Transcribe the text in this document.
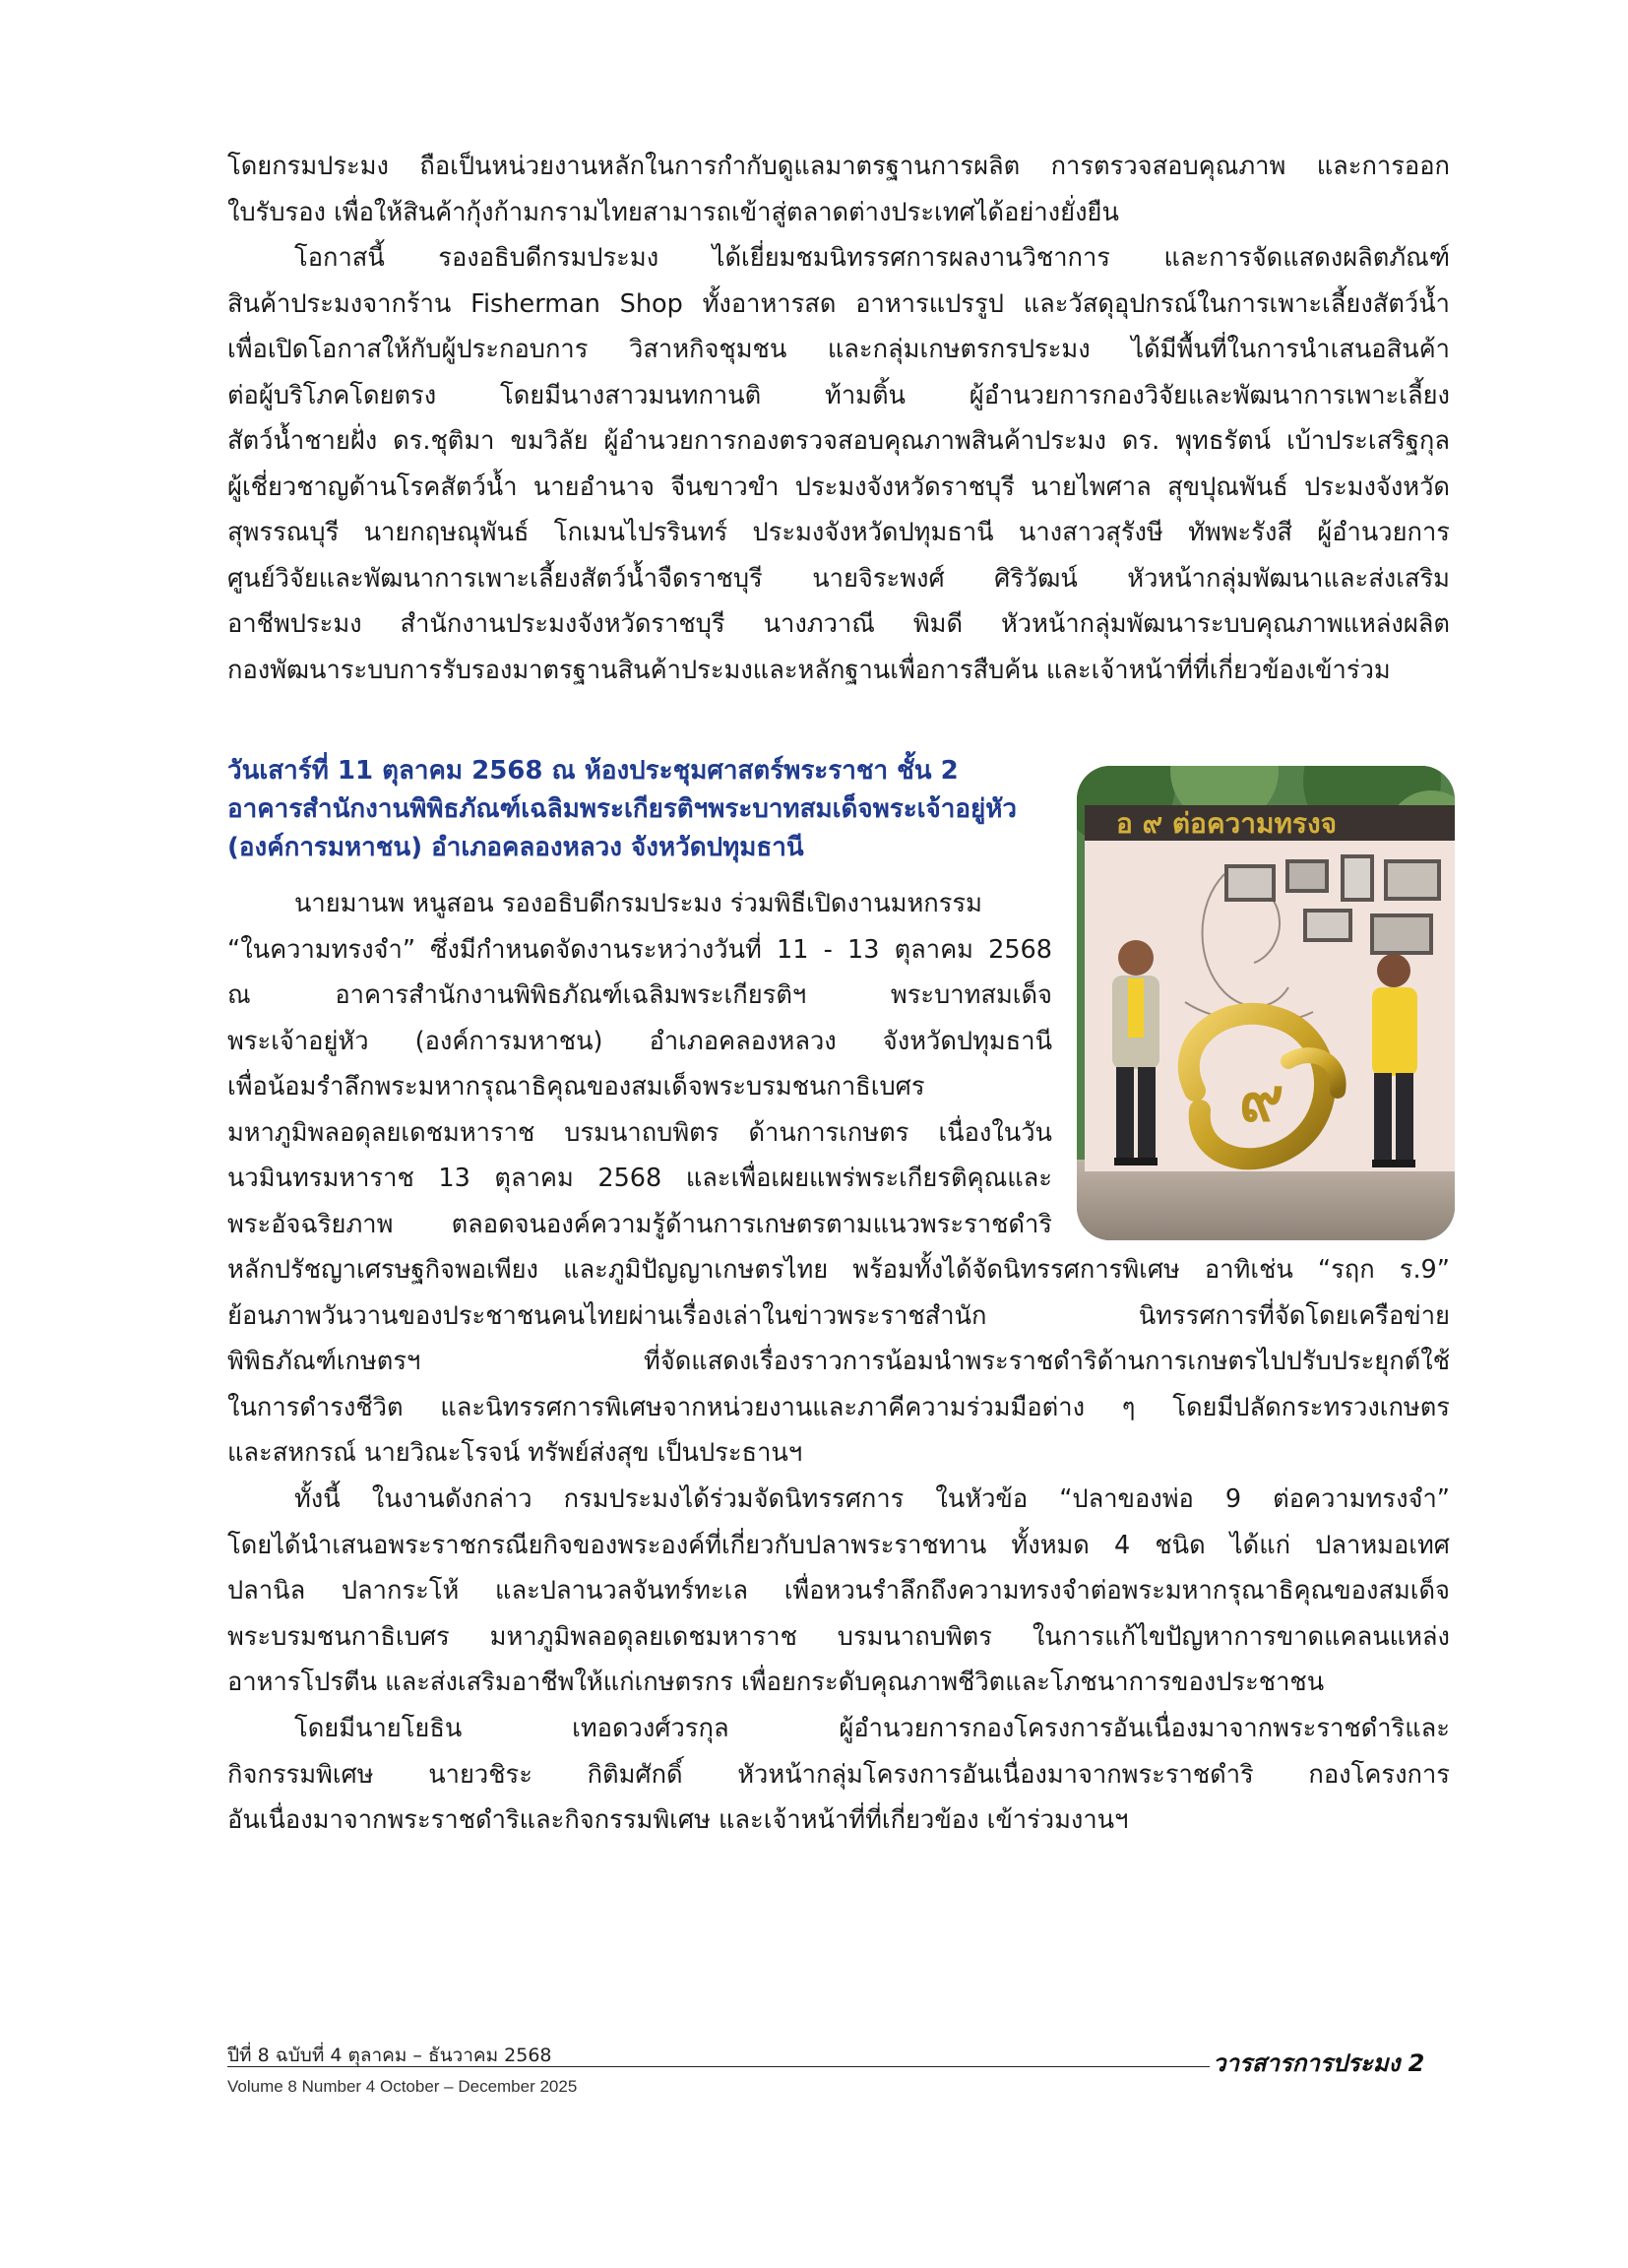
โดยกรมประมง ถือเป็นหน่วยงานหลักในการกำกับดูแลมาตรฐานการผลิต การตรวจสอบคุณภาพ และการออก
ใบรับรอง เพื่อให้สินค้ากุ้งก้ามกรามไทยสามารถเข้าสู่ตลาดต่างประเทศได้อย่างยั่งยืน
โอกาสนี้ รองอธิบดีกรมประมง ได้เยี่ยมชมนิทรรศการผลงานวิชาการ และการจัดแสดงผลิตภัณฑ์
สินค้าประมงจากร้าน Fisherman Shop ทั้งอาหารสด อาหารแปรรูป และวัสดุอุปกรณ์ในการเพาะเลี้ยงสัตว์น้ำ
เพื่อเปิดโอกาสให้กับผู้ประกอบการ วิสาหกิจชุมชน และกลุ่มเกษตรกรประมง ได้มีพื้นที่ในการนำเสนอสินค้า
ต่อผู้บริโภคโดยตรง โดยมีนางสาวมนทกานติ ท้ามติ้น ผู้อำนวยการกองวิจัยและพัฒนาการเพาะเลี้ยง
สัตว์น้ำชายฝั่ง ดร.ชุติมา ขมวิลัย ผู้อำนวยการกองตรวจสอบคุณภาพสินค้าประมง ดร. พุทธรัตน์ เบ้าประเสริฐกุล
ผู้เชี่ยวชาญด้านโรคสัตว์น้ำ นายอำนาจ จีนขาวขำ ประมงจังหวัดราชบุรี นายไพศาล สุขปุณพันธ์ ประมงจังหวัด
สุพรรณบุรี นายกฤษณุพันธ์ โกเมนไปรรินทร์ ประมงจังหวัดปทุมธานี นางสาวสุรังษี ทัพพะรังสี ผู้อำนวยการ
ศูนย์วิจัยและพัฒนาการเพาะเลี้ยงสัตว์น้ำจืดราชบุรี นายจิระพงศ์ ศิริวัฒน์ หัวหน้ากลุ่มพัฒนาและส่งเสริม
อาชีพประมง สำนักงานประมงจังหวัดราชบุรี นางภวาณี พิมดี หัวหน้ากลุ่มพัฒนาระบบคุณภาพแหล่งผลิต
กองพัฒนาระบบการรับรองมาตรฐานสินค้าประมงและหลักฐานเพื่อการสืบค้น และเจ้าหน้าที่ที่เกี่ยวข้องเข้าร่วม
วันเสาร์ที่ 11 ตุลาคม 2568 ณ ห้องประชุมศาสตร์พระราชา ชั้น 2
อาคารสำนักงานพิพิธภัณฑ์เฉลิมพระเกียรติฯพระบาทสมเด็จพระเจ้าอยู่หัว
(องค์การมหาชน) อำเภอคลองหลวง จังหวัดปทุมธานี
อ ๙ ต่อความทรงจ
๙
นายมานพ หนูสอน รองอธิบดีกรมประมง ร่วมพิธีเปิดงานมหกรรม
“ในความทรงจำ” ซึ่งมีกำหนดจัดงานระหว่างวันที่ 11 - 13 ตุลาคม 2568
ณ อาคารสำนักงานพิพิธภัณฑ์เฉลิมพระเกียรติฯ พระบาทสมเด็จ
พระเจ้าอยู่หัว (องค์การมหาชน) อำเภอคลองหลวง จังหวัดปทุมธานี
เพื่อน้อมรำลึกพระมหากรุณาธิคุณของสมเด็จพระบรมชนกาธิเบศร
มหาภูมิพลอดุลยเดชมหาราช บรมนาถบพิตร ด้านการเกษตร เนื่องในวัน
นวมินทรมหาราช 13 ตุลาคม 2568 และเพื่อเผยแพร่พระเกียรติคุณและ
พระอัจฉริยภาพ ตลอดจนองค์ความรู้ด้านการเกษตรตามแนวพระราชดำริ
หลักปรัชญาเศรษฐกิจพอเพียง และภูมิปัญญาเกษตรไทย พร้อมทั้งได้จัดนิทรรศการพิเศษ อาทิเช่น “รฤก ร.9”
ย้อนภาพวันวานของประชาชนคนไทยผ่านเรื่องเล่าในข่าวพระราชสำนัก นิทรรศการที่จัดโดยเครือข่าย
พิพิธภัณฑ์เกษตรฯ ที่จัดแสดงเรื่องราวการน้อมนำพระราชดำริด้านการเกษตรไปปรับประยุกต์ใช้
ในการดำรงชีวิต และนิทรรศการพิเศษจากหน่วยงานและภาคีความร่วมมือต่าง ๆ โดยมีปลัดกระทรวงเกษตร
และสหกรณ์ นายวิณะโรจน์ ทรัพย์ส่งสุข เป็นประธานฯ
ทั้งนี้ ในงานดังกล่าว กรมประมงได้ร่วมจัดนิทรรศการ ในหัวข้อ “ปลาของพ่อ 9 ต่อความทรงจำ”
โดยได้นำเสนอพระราชกรณียกิจของพระองค์ที่เกี่ยวกับปลาพระราชทาน ทั้งหมด 4 ชนิด ได้แก่ ปลาหมอเทศ
ปลานิล ปลากระโห้ และปลานวลจันทร์ทะเล เพื่อหวนรำลึกถึงความทรงจำต่อพระมหากรุณาธิคุณของสมเด็จ
พระบรมชนกาธิเบศร มหาภูมิพลอดุลยเดชมหาราช บรมนาถบพิตร ในการแก้ไขปัญหาการขาดแคลนแหล่ง
อาหารโปรตีน และส่งเสริมอาชีพให้แก่เกษตรกร เพื่อยกระดับคุณภาพชีวิตและโภชนาการของประชาชน
โดยมีนายโยธิน เทอดวงศ์วรกุล ผู้อำนวยการกองโครงการอันเนื่องมาจากพระราชดำริและ
กิจกรรมพิเศษ นายวชิระ กิติมศักดิ์ หัวหน้ากลุ่มโครงการอันเนื่องมาจากพระราชดำริ กองโครงการ
อันเนื่องมาจากพระราชดำริและกิจกรรมพิเศษ และเจ้าหน้าที่ที่เกี่ยวข้อง เข้าร่วมงานฯ
ปีที่ 8 ฉบับที่ 4 ตุลาคม – ธันวาคม 2568	วารสารการประมง 2
Volume 8 Number 4 October – December 2025
